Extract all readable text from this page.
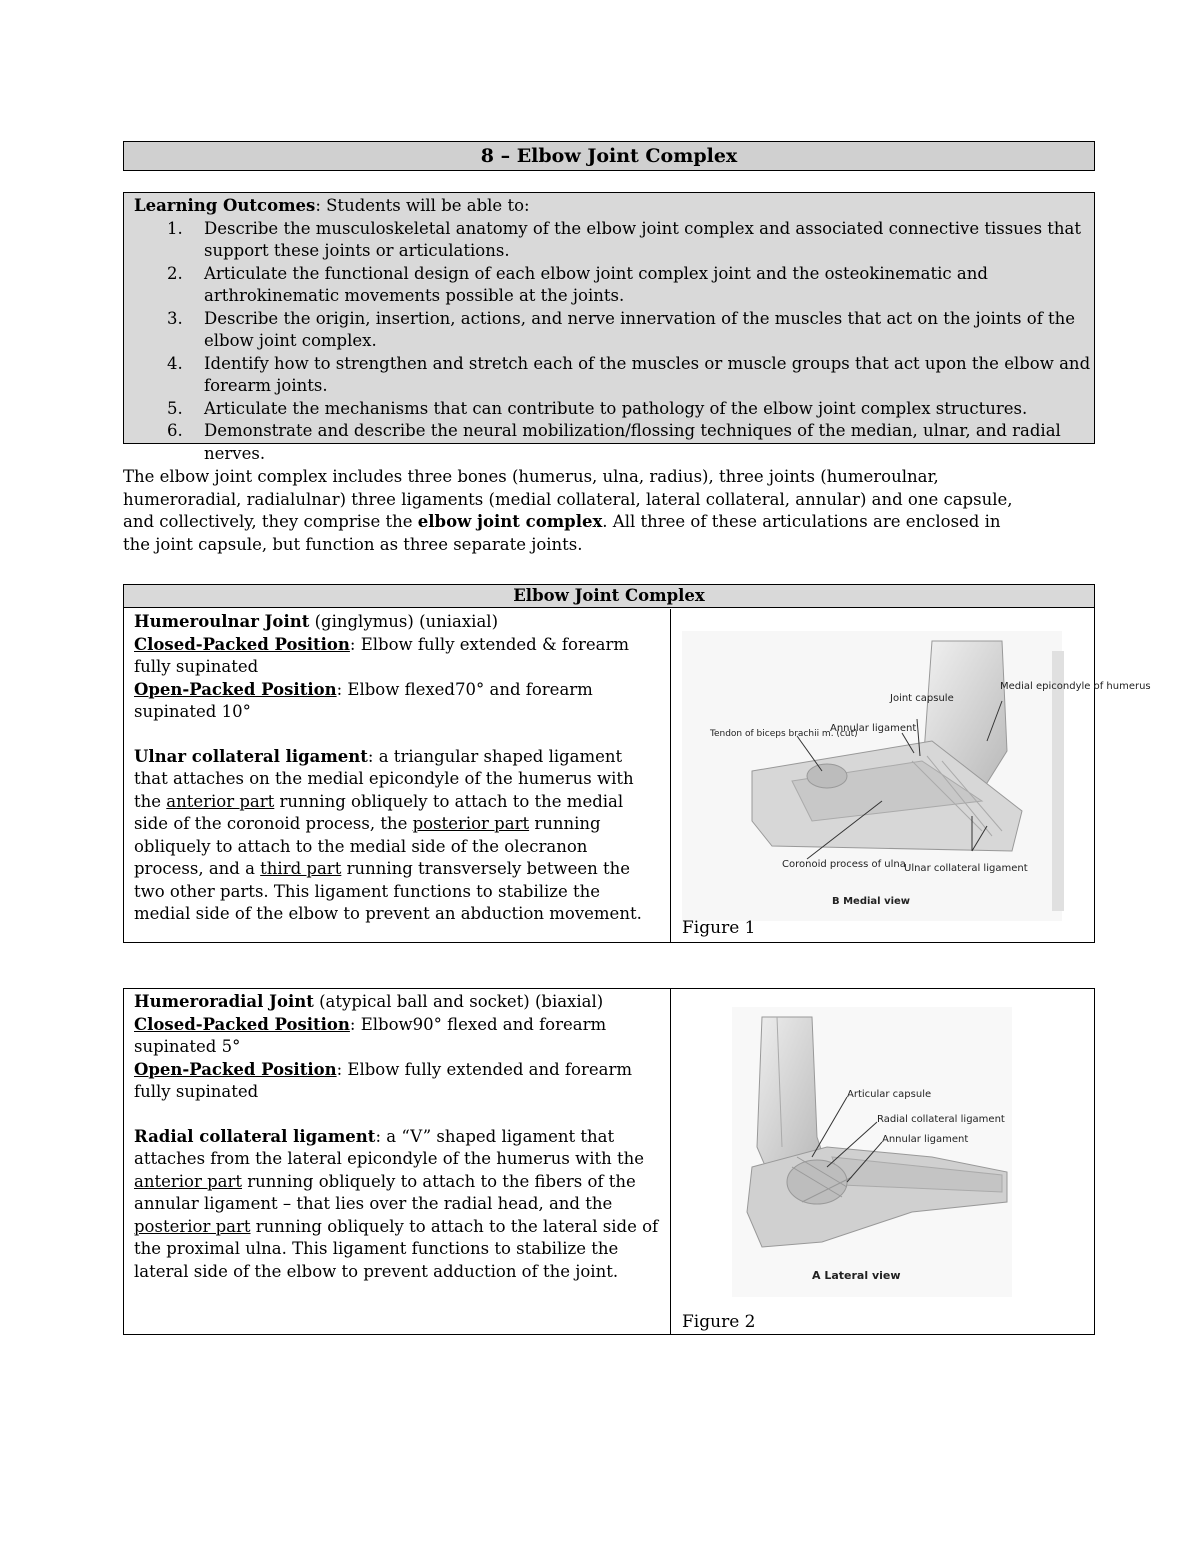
8 – Elbow Joint Complex
Learning Outcomes: Students will be able to:
1. Describe the musculoskeletal anatomy of the elbow joint complex and associated connective tissues that support these joints or articulations.
2. Articulate the functional design of each elbow joint complex joint and the osteokinematic and arthrokinematic movements possible at the joints.
3. Describe the origin, insertion, actions, and nerve innervation of the muscles that act on the joints of the elbow joint complex.
4. Identify how to strengthen and stretch each of the muscles or muscle groups that act upon the elbow and forearm joints.
5. Articulate the mechanisms that can contribute to pathology of the elbow joint complex structures.
6. Demonstrate and describe the neural mobilization/flossing techniques of the median, ulnar, and radial nerves.

The elbow joint complex includes three bones (humerus, ulna, radius), three joints (humeroulnar, humeroradial, radialulnar) three ligaments (medial collateral, lateral collateral, annular) and one capsule, and collectively, they comprise the elbow joint complex. All three of these articulations are enclosed in the joint capsule, but function as three separate joints.

Elbow Joint Complex
Humeroulnar Joint (ginglymus) (uniaxial)
Closed-Packed Position: Elbow fully extended & forearm fully supinated
Open-Packed Position: Elbow flexed70° and forearm supinated 10°
Ulnar collateral ligament: a triangular shaped ligament that attaches on the medial epicondyle of the humerus with the anterior part running obliquely to attach to the medial side of the coronoid process, the posterior part running obliquely to attach to the medial side of the olecranon process, and a third part running transversely between the two other parts. This ligament functions to stabilize the medial side of the elbow to prevent an abduction movement.
Joint capsule
Medial epicondyle of humerus
Annular ligament
Tendon of biceps brachii m. (cut)
Coronoid process of ulna
Ulnar collateral ligament
B Medial view
Figure 1
Humeroradial Joint (atypical ball and socket) (biaxial)
Closed-Packed Position: Elbow90° flexed and forearm supinated 5°
Open-Packed Position: Elbow fully extended and forearm fully supinated
Radial collateral ligament: a “V” shaped ligament that attaches from the lateral epicondyle of the humerus with the anterior part running obliquely to attach to the fibers of the annular ligament – that lies over the radial head, and the posterior part running obliquely to attach to the lateral side of the proximal ulna. This ligament functions to stabilize the lateral side of the elbow to prevent adduction of the joint.
Articular capsule
Radial collateral ligament
Annular ligament
A Lateral view
Figure 2
